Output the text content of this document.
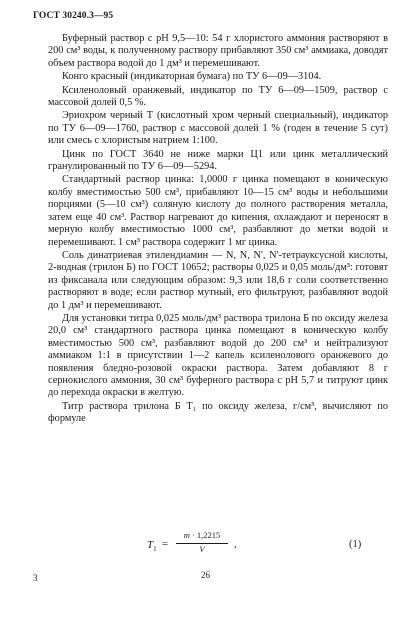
ГОСТ 30240.3—95

Буферный раствор с pH 9,5—10: 54 г хлористого аммония растворяют в 200 см³ воды, к полученному раствору прибавляют 350 см³ аммиака, доводят объем раствора водой до 1 дм³ и перемешивают.

Конго красный (индикаторная бумага) по ТУ 6—09—3104.

Ксиленоловый оранжевый, индикатор по ТУ 6—09—1509, раствор с массовой долей 0,5 %.

Эриохром черный Т (кислотный хром черный специальный), индикатор по ТУ 6—09—1760, раствор с массовой долей 1 % (годен в течение 5 сут) или смесь с хлористым натрием 1:100.

Цинк по ГОСТ 3640 не ниже марки Ц1 или цинк металлический гранулированный по ТУ 6—09—5294.

Стандартный раствор цинка: 1,0000 г цинка помещают в коническую колбу вместимостью 500 см³, прибавляют 10—15 см³ воды и небольшими порциями (5—10 см³) соляную кислоту до полного растворения металла, затем еще 40 см³. Раствор нагревают до кипения, охлаждают и переносят в мерную колбу вместимостью 1000 см³, разбавляют до метки водой и перемешивают. 1 см³ раствора содержит 1 мг цинка.

Соль динатриевая этилендиамин — N, N, N', N'-тетрауксусной кислоты, 2-водная (трилон Б) по ГОСТ 10652; растворы 0,025 и 0,05 моль/дм³: готовят из фиксанала или следующим образом: 9,3 или 18,6 г соли соответственно растворяют в воде; если раствор мутный, его фильтруют, разбавляют водой до 1 дм³ и перемешивают.

Для установки титра 0,025 моль/дм³ раствора трилона Б по оксиду железа 20,0 см³ стандартного раствора цинка помещают в коническую колбу вместимостью 500 см³, разбавляют водой до 200 см³ и нейтрализуют аммиаком 1:1 в присутствии 1—2 капель ксиленолового оранжевого до появления бледно-розовой окраски раствора. Затем добавляют 8 г сернокислого аммония, 30 см³ буферного раствора с pH 5,7 и титруют цинк до перехода окраски в желтую.

Титр раствора трилона Б T₁ по оксиду железа, г/см³, вычисляют по формуле

$T_1$ =
m · 1,2215
V	,	(1)
3	26
